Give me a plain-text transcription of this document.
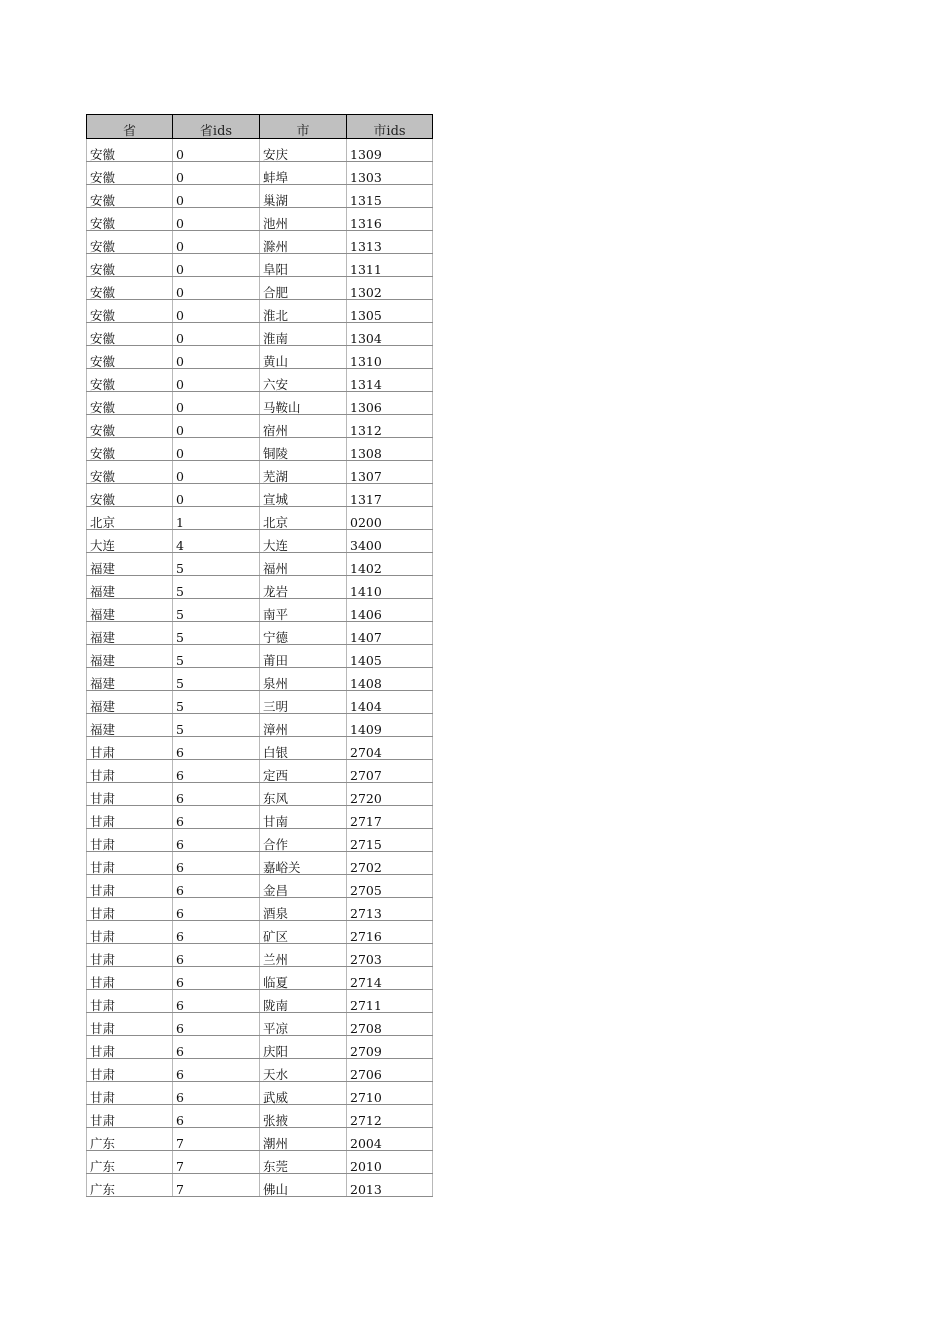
省	省ids	市	市ids
安徽	0	安庆	1309
安徽	0	蚌埠	1303
安徽	0	巢湖	1315
安徽	0	池州	1316
安徽	0	滁州	1313
安徽	0	阜阳	1311
安徽	0	合肥	1302
安徽	0	淮北	1305
安徽	0	淮南	1304
安徽	0	黄山	1310
安徽	0	六安	1314
安徽	0	马鞍山	1306
安徽	0	宿州	1312
安徽	0	铜陵	1308
安徽	0	芜湖	1307
安徽	0	宣城	1317
北京	1	北京	0200
大连	4	大连	3400
福建	5	福州	1402
福建	5	龙岩	1410
福建	5	南平	1406
福建	5	宁德	1407
福建	5	莆田	1405
福建	5	泉州	1408
福建	5	三明	1404
福建	5	漳州	1409
甘肃	6	白银	2704
甘肃	6	定西	2707
甘肃	6	东风	2720
甘肃	6	甘南	2717
甘肃	6	合作	2715
甘肃	6	嘉峪关	2702
甘肃	6	金昌	2705
甘肃	6	酒泉	2713
甘肃	6	矿区	2716
甘肃	6	兰州	2703
甘肃	6	临夏	2714
甘肃	6	陇南	2711
甘肃	6	平凉	2708
甘肃	6	庆阳	2709
甘肃	6	天水	2706
甘肃	6	武威	2710
甘肃	6	张掖	2712
广东	7	潮州	2004
广东	7	东莞	2010
广东	7	佛山	2013
